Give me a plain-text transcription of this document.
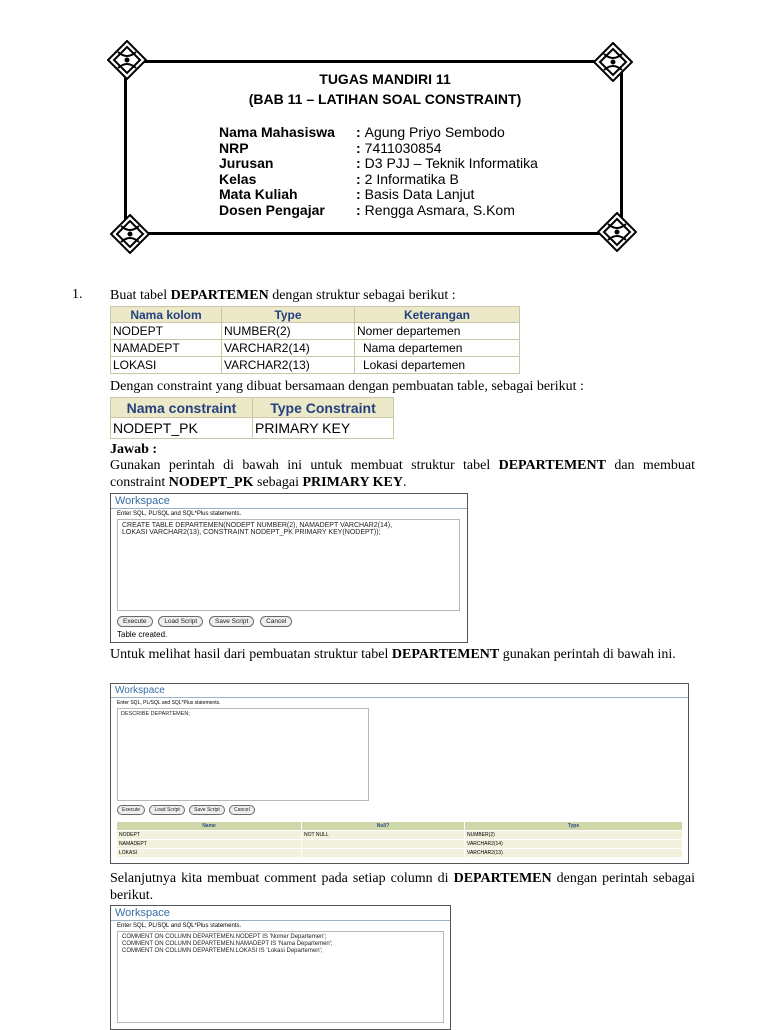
TUGAS MANDIRI 11
(BAB 11 – LATIHAN SOAL CONSTRAINT)
Nama Mahasiswa	: Agung Priyo Sembodo
NRP	: 7411030854
Jurusan	: D3 PJJ – Teknik Informatika
Kelas	: 2 Informatika B
Mata Kuliah	: Basis Data Lanjut
Dosen Pengajar	: Rengga Asmara, S.Kom
1. Buat tabel DEPARTEMEN dengan struktur sebagai berikut :
Nama kolom	Type	Keterangan
NODEPT	NUMBER(2)	Nomer departemen
NAMADEPT	VARCHAR2(14)	Nama departemen
LOKASI	VARCHAR2(13)	Lokasi departemen
Dengan constraint yang dibuat bersamaan dengan pembuatan table, sebagai berikut :
Nama constraint	Type Constraint
NODEPT_PK	PRIMARY KEY
Jawab :
Gunakan perintah di bawah ini untuk membuat struktur tabel DEPARTEMENT dan membuat constraint NODEPT_PK sebagai PRIMARY KEY.
Workspace
Enter SQL, PL/SQL and SQL*Plus statements.
CREATE TABLE DEPARTEMEN(NODEPT NUMBER(2), NAMADEPT VARCHAR2(14),
LOKASI VARCHAR2(13), CONSTRAINT NODEPT_PK PRIMARY KEY(NODEPT));
Execute	Load Script	Save Script	Cancel
Table created.
Untuk melihat hasil dari pembuatan struktur tabel DEPARTEMENT gunakan perintah di bawah ini.
Workspace
Enter SQL, PL/SQL and SQL*Plus statements.
DESCRIBE DEPARTEMEN;
Execute	Load Script	Save Script	Cancel
Name	Null?	Type
NODEPT	NOT NULL	NUMBER(2)
NAMADEPT		VARCHAR2(14)
LOKASI		VARCHAR2(13)
Selanjutnya kita membuat comment pada setiap column di DEPARTEMEN dengan perintah sebagai berikut.
Workspace
Enter SQL, PL/SQL and SQL*Plus statements.
COMMENT ON COLUMN DEPARTEMEN.NODEPT IS 'Nomer Departemen';
COMMENT ON COLUMN DEPARTEMEN.NAMADEPT IS 'Nama Departemen';
COMMENT ON COLUMN DEPARTEMEN.LOKASI IS 'Lokasi Departemen';
